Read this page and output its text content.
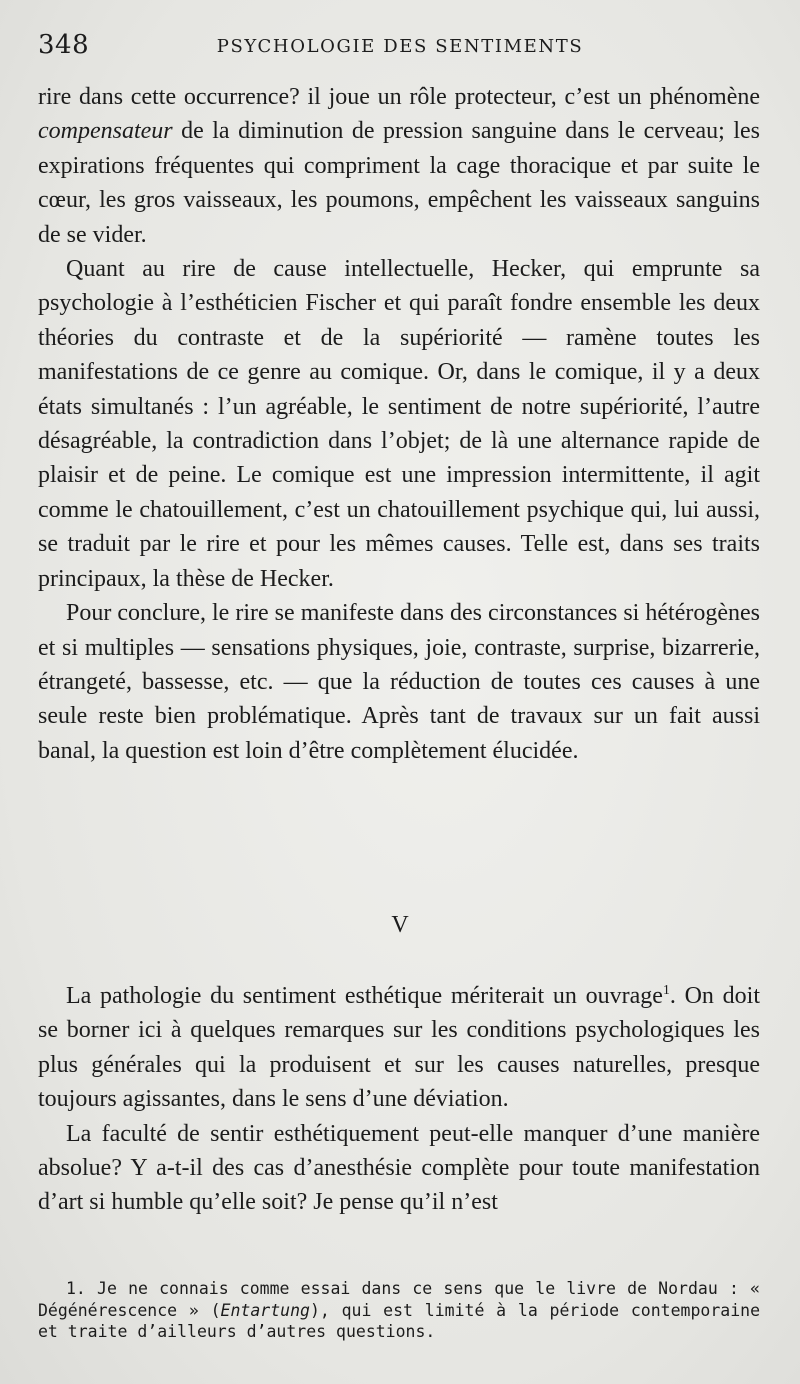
348	PSYCHOLOGIE DES SENTIMENTS

rire dans cette occurrence? il joue un rôle protecteur, c’est un phénomène compensateur de la diminution de pression sanguine dans le cerveau; les expirations fréquentes qui compriment la cage thoracique et par suite le cœur, les gros vaisseaux, les poumons, empêchent les vaisseaux sanguins de se vider.

Quant au rire de cause intellectuelle, Hecker, qui emprunte sa psychologie à l’esthéticien Fischer et qui paraît fondre ensemble les deux théories du contraste et de la supériorité — ramène toutes les manifestations de ce genre au comique. Or, dans le comique, il y a deux états simultanés : l’un agréable, le sentiment de notre supériorité, l’autre désagréable, la contradiction dans l’objet; de là une alternance rapide de plaisir et de peine. Le comique est une impression intermittente, il agit comme le chatouillement, c’est un chatouillement psychique qui, lui aussi, se traduit par le rire et pour les mêmes causes. Telle est, dans ses traits principaux, la thèse de Hecker.

Pour conclure, le rire se manifeste dans des circonstances si hétérogènes et si multiples — sensations physiques, joie, contraste, surprise, bizarrerie, étrangeté, bassesse, etc. — que la réduction de toutes ces causes à une seule reste bien problématique. Après tant de travaux sur un fait aussi banal, la question est loin d’être complètement élucidée.

V

La pathologie du sentiment esthétique mériterait un ouvrage$^1$. On doit se borner ici à quelques remarques sur les conditions psychologiques les plus générales qui la produisent et sur les causes naturelles, presque toujours agissantes, dans le sens d’une déviation.

La faculté de sentir esthétiquement peut-elle manquer d’une manière absolue? Y a-t-il des cas d’anesthésie complète pour toute manifestation d’art si humble qu’elle soit? Je pense qu’il n’est

1. Je ne connais comme essai dans ce sens que le livre de Nordau : « Dégénérescence » (Entartung), qui est limité à la période contemporaine et traite d’ailleurs d’autres questions.
